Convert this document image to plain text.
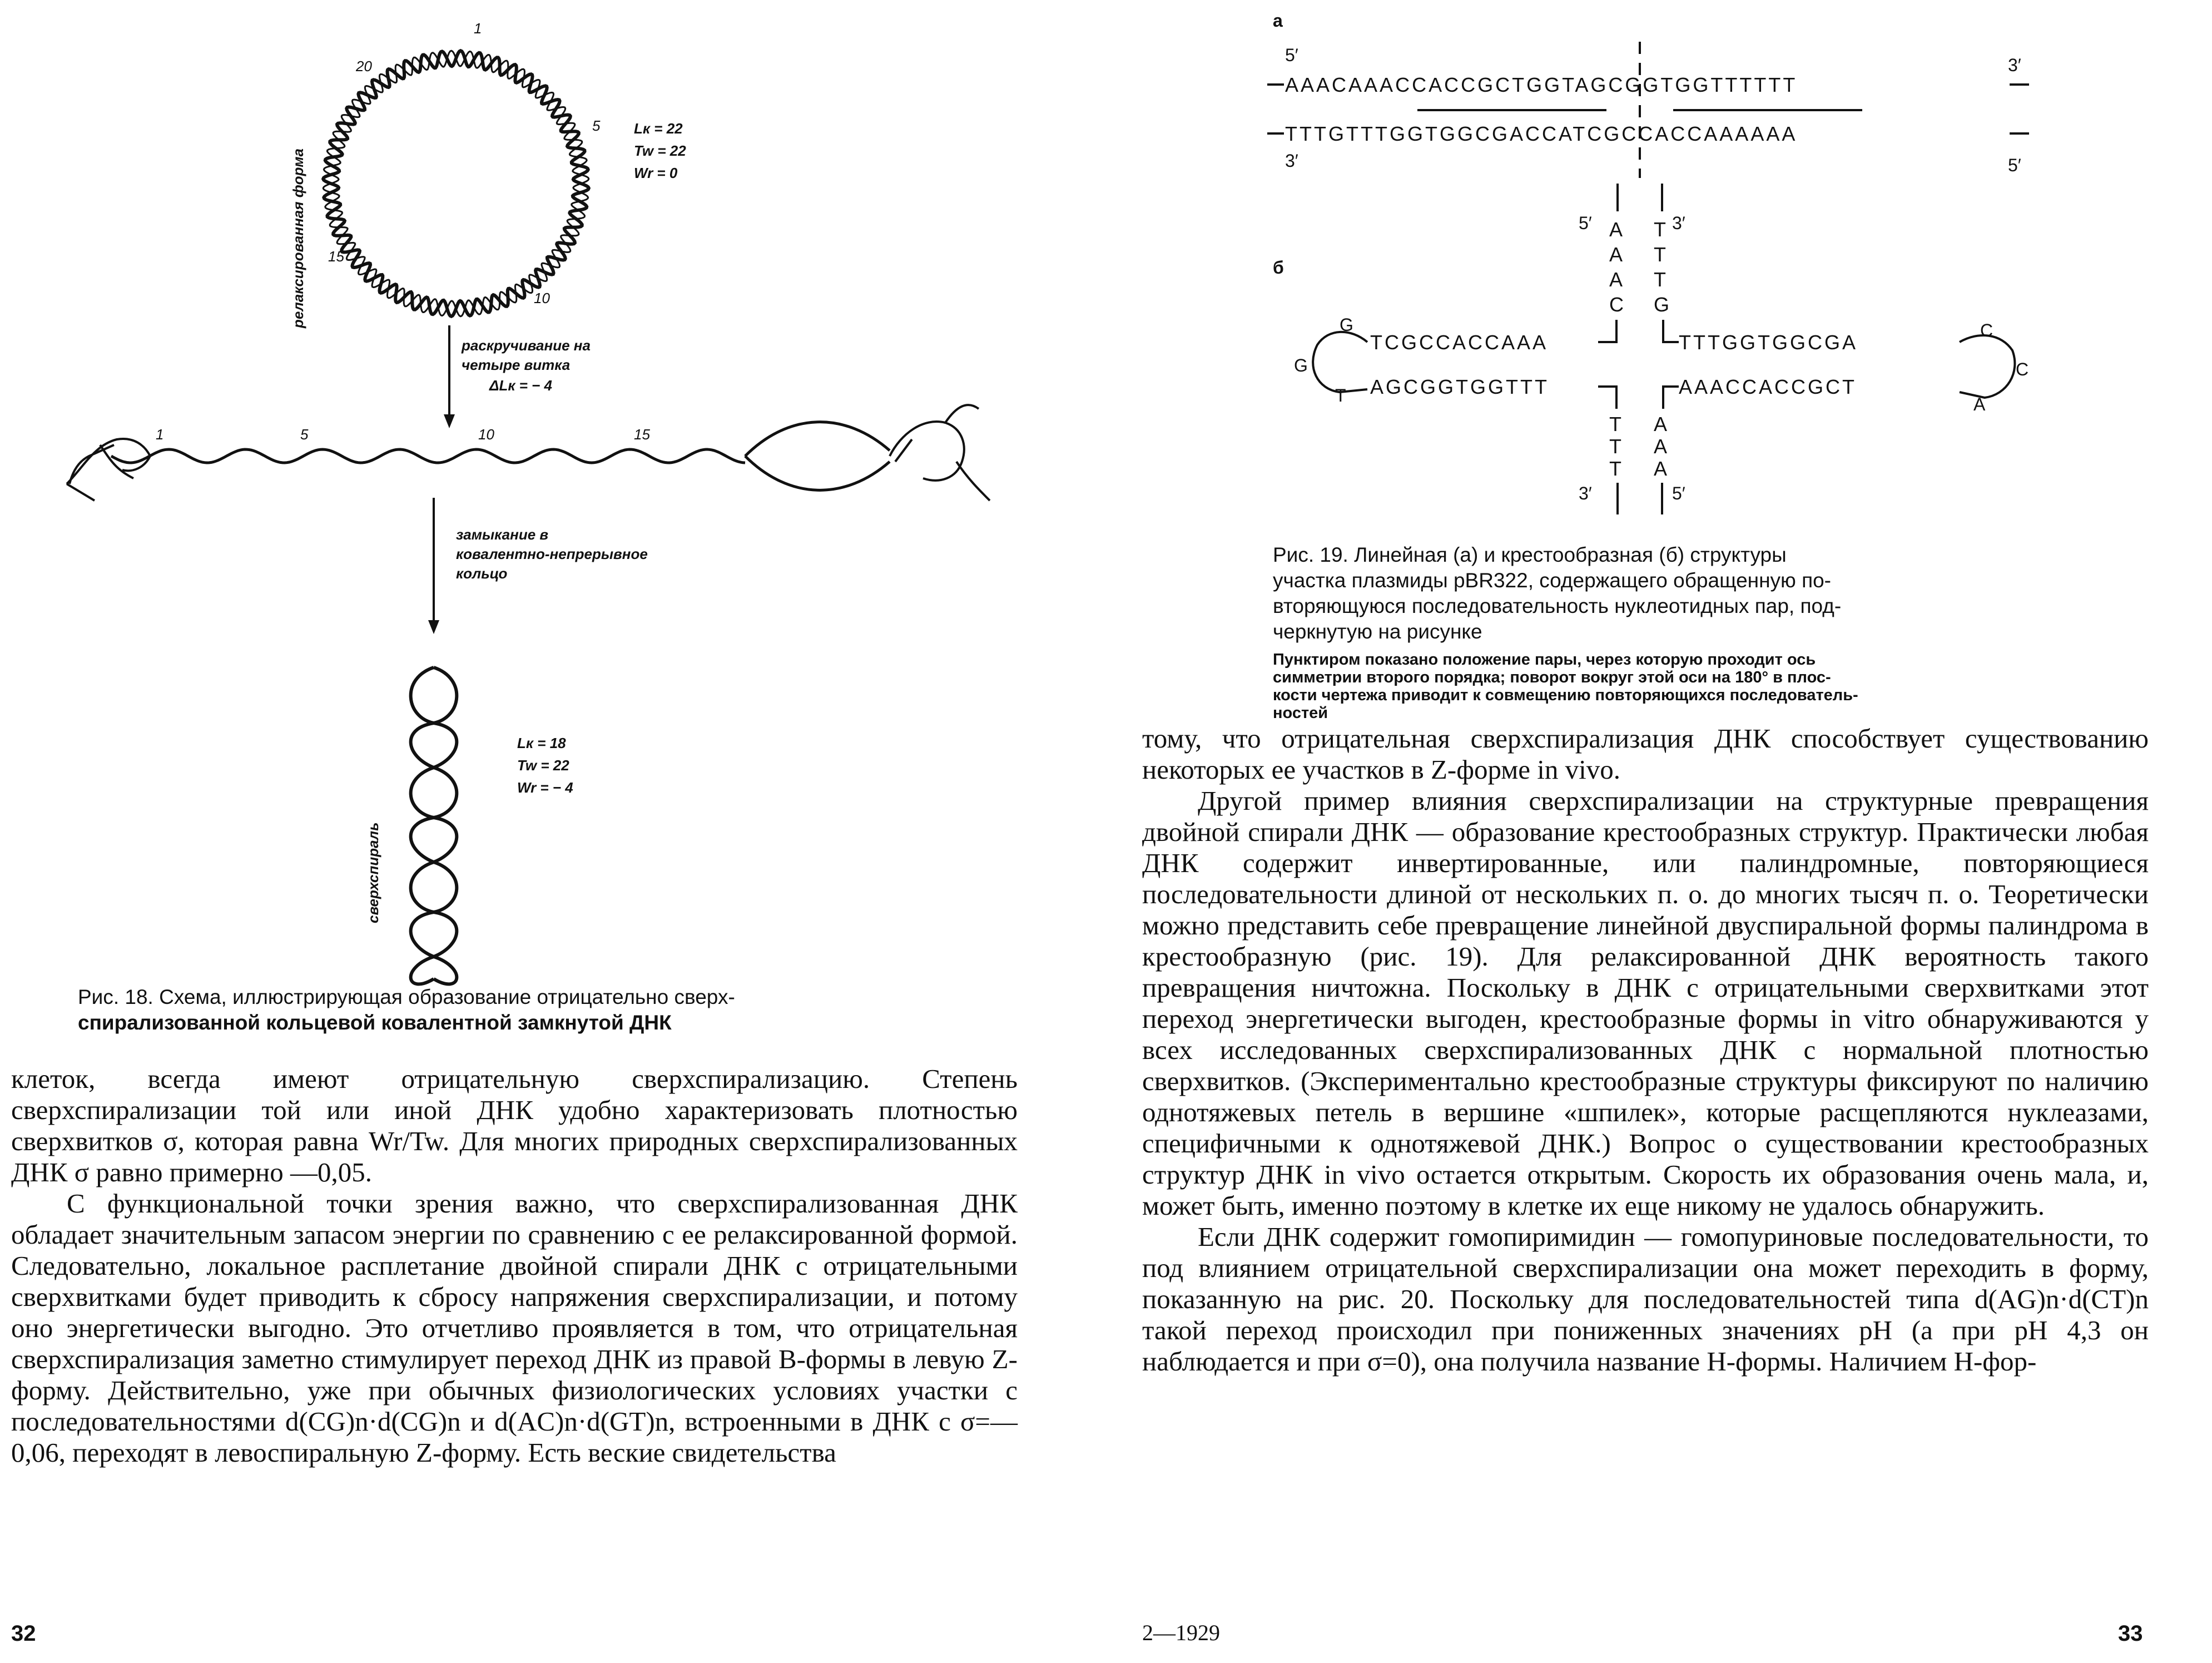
релаксированная форма
1
5
10
15
20
Lк = 22
Tw = 22
Wr = 0
раскручивание на
четыре витка
ΔLк = − 4
1	5	10	15
замыкание в
ковалентно-непрерывное
кольцо
сверхспираль
Lк = 18
Tw = 22
Wr = − 4
Рис. 18. Схема, иллюстрирующая образование отрицательно сверх-
спирализованной кольцевой ковалентной замкнутой ДНК

клеток, всегда имеют отрицательную сверхспирализацию. Степень сверхспирализации той или иной ДНК удобно характеризовать плотностью сверхвитков σ, которая равна Wr/Tw. Для многих природных сверхспирализованных ДНК σ равно примерно —0,05.

С функциональной точки зрения важно, что сверхспирализованная ДНК обладает значительным запасом энергии по сравнению с ее релаксированной формой. Следовательно, локальное расплетание двойной спирали ДНК с отрицательными сверхвитками будет приводить к сбросу напряжения сверхспирализации, и потому оно энергетически выгодно. Это отчетливо проявляется в том, что отрицательная сверхспирализация заметно стимулирует переход ДНК из правой B-формы в левую Z-форму. Действительно, уже при обычных физиологических условиях участки с последовательностями d(CG)n·d(CG)n и d(AC)n·d(GT)n, встроенными в ДНК с σ=—0,06, переходят в левоспиральную Z-форму. Есть веские свидетельства

32
а
5′	3′
AAACAAACCACCGCTGGTAGCGGTGGTTTTTT
TTTGTTTGGTGGCGACCATCGCCACCAAAAAA
3′	5′
б
5′	3′
A
A
A
C
T
T
T
G
TCGCCACCAAA
AGCGGTGGTTT
TTTGGTGGCGA
AAACCACCGCT
G
G
T
C
C
A
T
T
T
A
A
A
3′	5′
Рис. 19. Линейная (а) и крестообразная (б) структуры
участка плазмиды pBR322, содержащего обращенную по-
вторяющуюся последовательность нуклеотидных пар, под-
черкнутую на рисунке
Пунктиром показано положение пары, через которую проходит ось
симметрии второго порядка; поворот вокруг этой оси на 180° в плос-
кости чертежа приводит к совмещению повторяющихся последователь-
ностей

тому, что отрицательная сверхспирализация ДНК способствует существованию некоторых ее участков в Z-форме in vivo.

Другой пример влияния сверхспирализации на структурные превращения двойной спирали ДНК — образование крестообразных структур. Практически любая ДНК содержит инвертированные, или палиндромные, повторяющиеся последовательности длиной от нескольких п. о. до многих тысяч п. о. Теоретически можно представить себе превращение линейной двуспиральной формы палиндрома в крестообразную (рис. 19). Для релаксированной ДНК вероятность такого превращения ничтожна. Поскольку в ДНК с отрицательными сверхвитками этот переход энергетически выгоден, крестообразные формы in vitro обнаруживаются у всех исследованных сверхспирализованных ДНК с нормальной плотностью сверхвитков. (Экспериментально крестообразные структуры фиксируют по наличию однотяжевых петель в вершине «шпилек», которые расщепляются нуклеазами, специфичными к однотяжевой ДНК.) Вопрос о существовании крестообразных структур ДНК in vivo остается открытым. Скорость их образования очень мала, и, может быть, именно поэтому в клетке их еще никому не удалось обнаружить.

Если ДНК содержит гомопиримидин — гомопуриновые последовательности, то под влиянием отрицательной сверхспирализации она может переходить в форму, показанную на рис. 20. Поскольку для последовательностей типа d(AG)n·d(CT)n такой переход происходил при пониженных значениях pH (а при pH 4,3 он наблюдается и при σ=0), она получила название H-формы. Наличием H-фор-

2—1929	33
